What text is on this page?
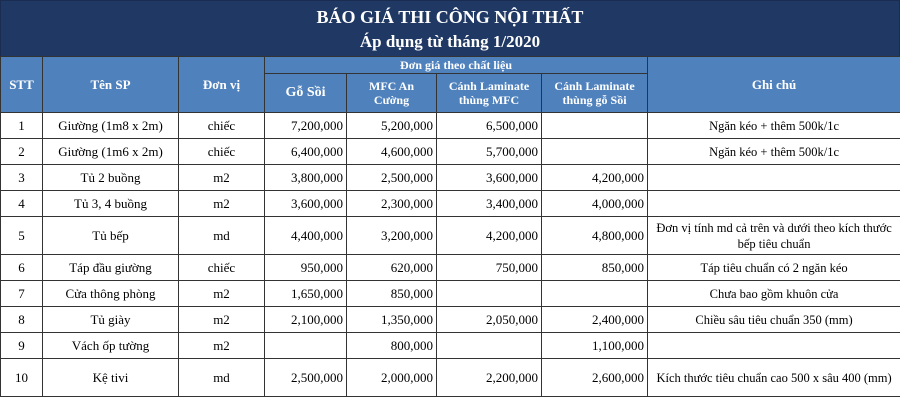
BÁO GIÁ THI CÔNG NỘI THẤT
Áp dụng từ tháng 1/2020
STT	Tên SP	Đơn vị	Đơn giá theo chất liệu				Ghi chú
			Gỗ Sồi	MFC An Cường	Cánh Laminate thùng MFC	Cánh Laminate thùng gỗ Sồi	
1	Giường (1m8 x 2m)	chiếc	7,200,000	5,200,000	6,500,000		Ngăn kéo + thêm 500k/1c
2	Giường (1m6 x 2m)	chiếc	6,400,000	4,600,000	5,700,000		Ngăn kéo + thêm 500k/1c
3	Tủ 2 buồng	m2	3,800,000	2,500,000	3,600,000	4,200,000	
4	Tủ 3, 4 buồng	m2	3,600,000	2,300,000	3,400,000	4,000,000	
5	Tủ bếp	md	4,400,000	3,200,000	4,200,000	4,800,000	Đơn vị tính md cả trên và dưới theo kích thước bếp tiêu chuẩn
6	Táp đầu giường	chiếc	950,000	620,000	750,000	850,000	Táp tiêu chuẩn có 2 ngăn kéo
7	Cửa thông phòng	m2	1,650,000	850,000			Chưa bao gồm khuôn cửa
8	Tủ giày	m2	2,100,000	1,350,000	2,050,000	2,400,000	Chiều sâu tiêu chuẩn 350 (mm)
9	Vách ốp tường	m2		800,000		1,100,000	
10	Kệ tivi	md	2,500,000	2,000,000	2,200,000	2,600,000	Kích thước tiêu chuẩn cao 500 x sâu 400 (mm)
